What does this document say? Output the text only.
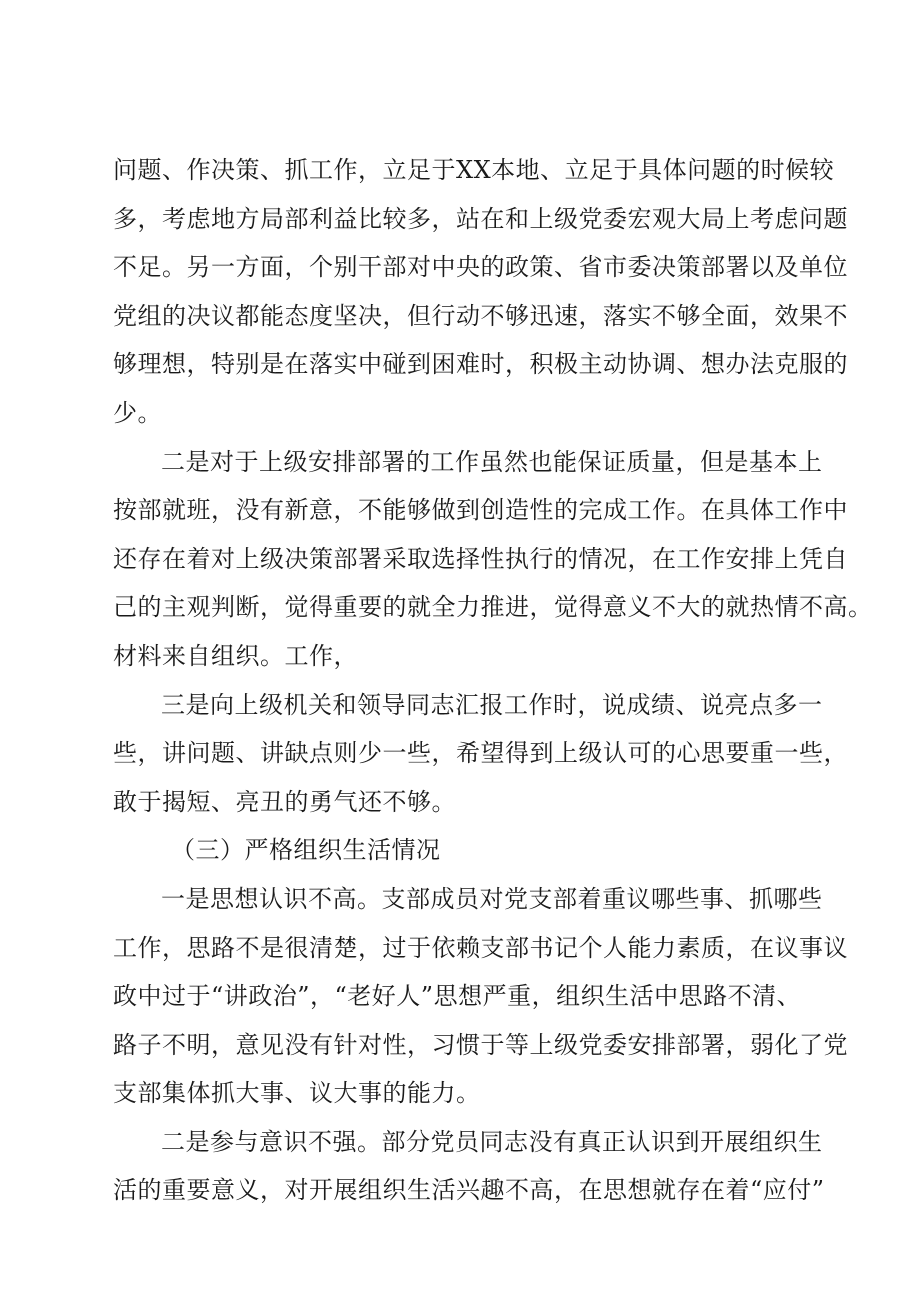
问题、作决策、抓工作，立足于XX本地、立足于具体问题的时候较
多，考虑地方局部利益比较多，站在和上级党委宏观大局上考虑问题
不足。另一方面，个别干部对中央的政策、省市委决策部署以及单位
党组的决议都能态度坚决，但行动不够迅速，落实不够全面，效果不
够理想，特别是在落实中碰到困难时，积极主动协调、想办法克服的
少。
二是对于上级安排部署的工作虽然也能保证质量，但是基本上
按部就班，没有新意，不能够做到创造性的完成工作。在具体工作中
还存在着对上级决策部署采取选择性执行的情况，在工作安排上凭自
己的主观判断，觉得重要的就全力推进，觉得意义不大的就热情不高。
材料来自组织。工作，
三是向上级机关和领导同志汇报工作时，说成绩、说亮点多一
些，讲问题、讲缺点则少一些，希望得到上级认可的心思要重一些，
敢于揭短、亮丑的勇气还不够。
（三）严格组织生活情况
一是思想认识不高。支部成员对党支部着重议哪些事、抓哪些
工作，思路不是很清楚，过于依赖支部书记个人能力素质，在议事议
政中过于“讲政治”，“老好人”思想严重，组织生活中思路不清、
路子不明，意见没有针对性，习惯于等上级党委安排部署，弱化了党
支部集体抓大事、议大事的能力。
二是参与意识不强。部分党员同志没有真正认识到开展组织生
活的重要意义，对开展组织生活兴趣不高，在思想就存在着“应付”
